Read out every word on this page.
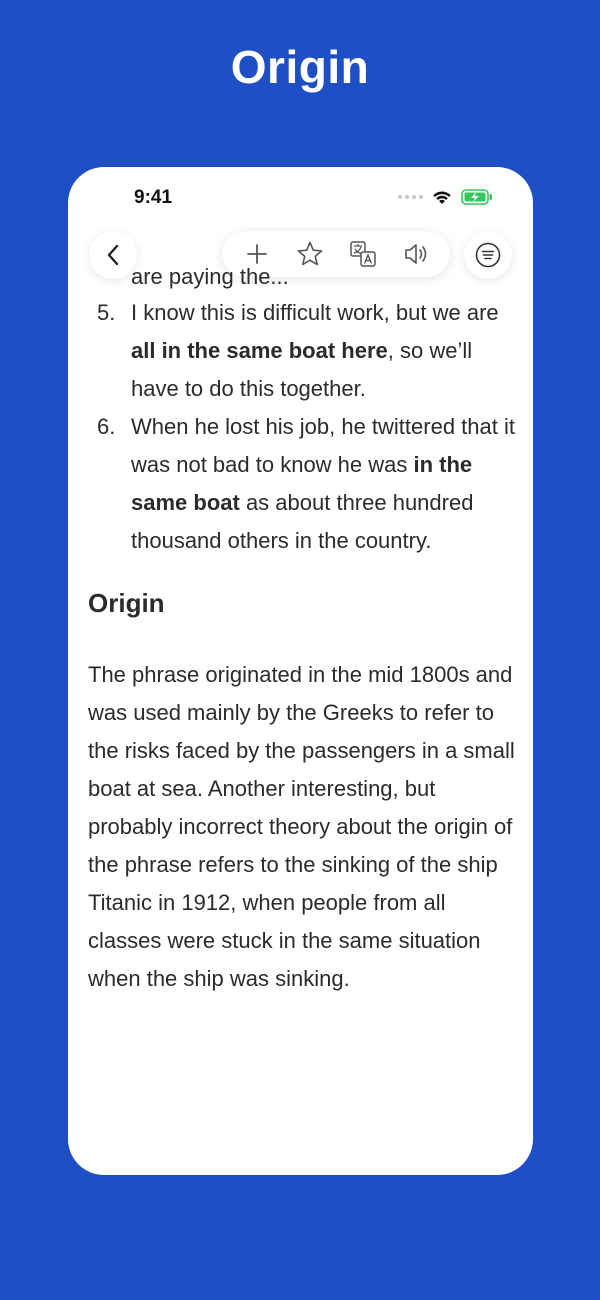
Origin
9:41
are paying the...
5. I know this is difficult work, but we are all in the same boat here, so we’ll have to do this together.
6. When he lost his job, he twittered that it was not bad to know he was in the same boat as about three hundred thousand others in the country.
Origin

The phrase originated in the mid 1800s and was used mainly by the Greeks to refer to the risks faced by the passengers in a small boat at sea. Another interesting, but probably incorrect theory about the origin of the phrase refers to the sinking of the ship Titanic in 1912, when people from all classes were stuck in the same situation when the ship was sinking.
